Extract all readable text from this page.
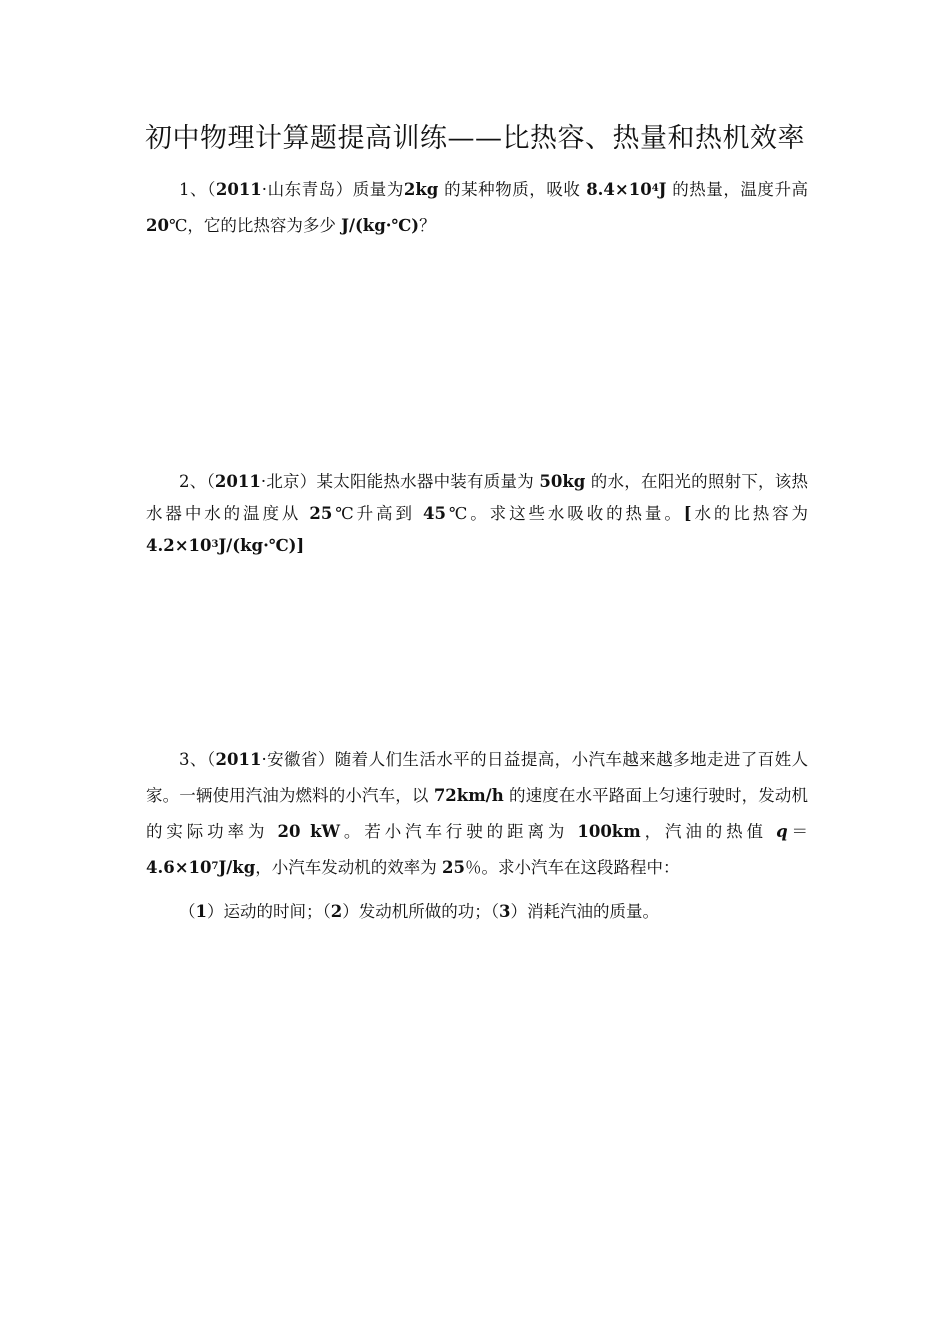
初中物理计算题提高训练——比热容、热量和热机效率
1、（2011·山东青岛）质量为2kg 的某种物质，吸收 $8.4\times 10^4J$ 的热量，温度升高 20℃，它的比热容为多少 J/(kg·℃)？
2、（2011·北京）某太阳能热水器中装有质量为 50kg 的水，在阳光的照射下，该热水器中水的温度从 25℃升高到 45℃。求这些水吸收的热量。[水的比热容为 $4.2\times 10^3J/(kg\cdot℃)$]
3、（2011·安徽省）随着人们生活水平的日益提高，小汽车越来越多地走进了百姓人家。一辆使用汽油为燃料的小汽车，以 72km/h 的速度在水平路面上匀速行驶时，发动机的实际功率为 20 kW。若小汽车行驶的距离为 100km，汽油的热值 $q=4.6\times 10^7J/kg$，小汽车发动机的效率为 25％。求小汽车在这段路程中：
（1）运动的时间；（2）发动机所做的功；（3）消耗汽油的质量。
